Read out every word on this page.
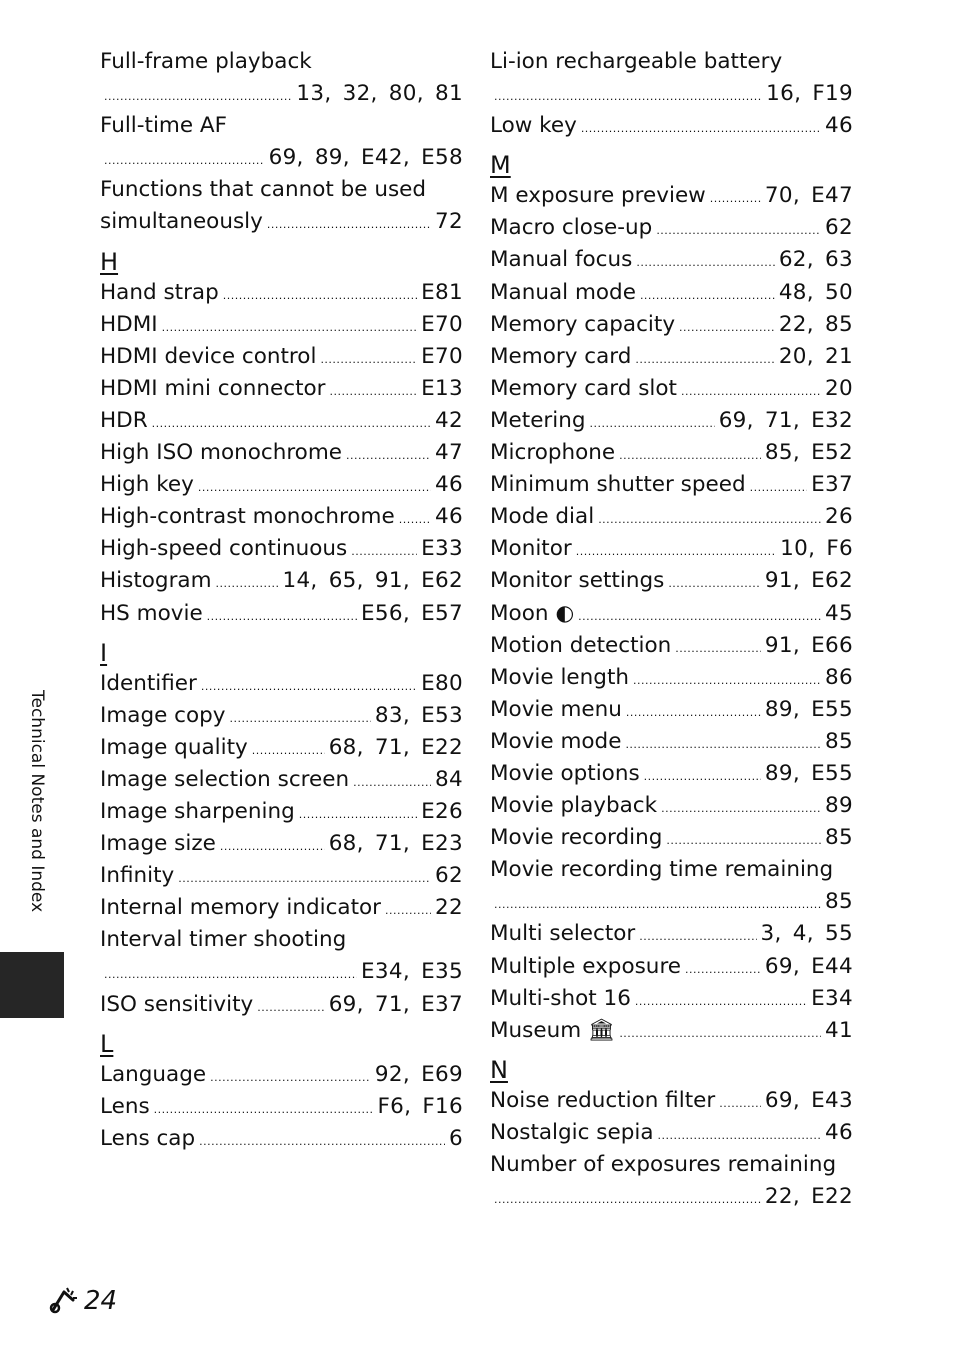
Full-frame playback
.....
13, 32, 80, 81
Full-time AF
.....
69, 89, E42, E58
Functions that cannot be used
simultaneously .....	72
H
Hand strap .....	E81
HDMI .....	E70
HDMI device control .....	E70
HDMI mini connector .....	E13
HDR .....	42
High ISO monochrome .....	47
High key .....	46
High-contrast monochrome ..... 46
High-speed continuous .....	E33
Histogram .....	14, 65, 91, E62
HS movie .....	E56, E57
I
Identifier .....	E80
Image copy .....	83, E53
Image quality .....	68, 71, E22
Image selection screen .....	84
Image sharpening .....	E26
Image size .....	68, 71, E23
Infinity .....	62
Internal memory indicator .....	22
Interval timer shooting
.....
E34, E35
ISO sensitivity .....	69, 71, E37
L
Language .....	92, E69
Lens .....	F6, F16
Lens cap .....	6
Li-ion rechargeable battery
.....
16, F19
Low key .....	46
M
M exposure preview .....	70, E47
Macro close-up .....	62
Manual focus .....	62, 63
Manual mode .....	48, 50
Memory capacity .....	22, 85
Memory card .....	20, 21
Memory card slot .....	20
Metering .....	69, 71, E32
Microphone .....	85, E52
Minimum shutter speed .....	E37
Mode dial .....	26
Monitor .....	10, F6
Monitor settings .....	91, E62
Moon ◐ .....	45
Motion detection .....	91, E66
Movie length .....	86
Movie menu .....	89, E55
Movie mode .....	85
Movie options .....	89, E55
Movie playback .....	89
Movie recording .....	85
Movie recording time remaining
.....
85
Multi selector .....	3, 4, 55
Multiple exposure .....	69, E44
Multi-shot 16 .....	E34
Museum 🏛 .....	41
N
Noise reduction filter ..... 69, E43
Nostalgic sepia .....	46
Number of exposures remaining
.....
22, E22
Technical Notes and Index
24
